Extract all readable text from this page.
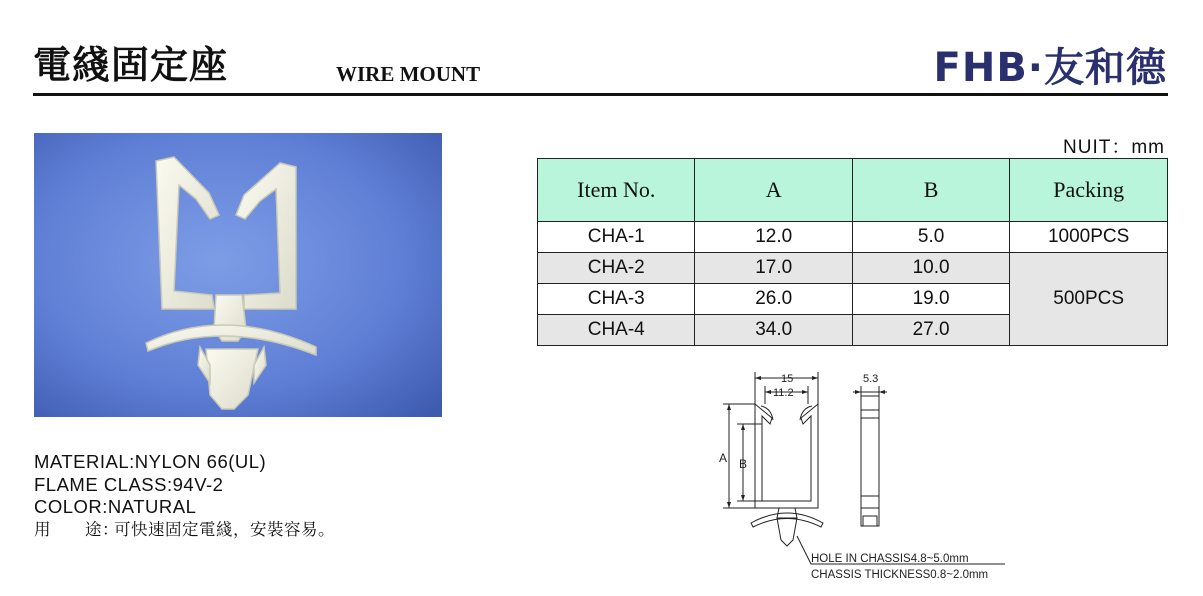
電綫固定座	WIRE MOUNT	FHB·友和德
NUIT：mm
Item No.	A	B	Packing
CHA-1	12.0	5.0	1000PCS
CHA-2	17.0	10.0	500PCS
CHA-3	26.0	19.0	
CHA-4	34.0	27.0	
MATERIAL:NYLON 66(UL)
FLAME CLASS:94V-2
COLOR:NATURAL
用　　途：可快速固定電綫，安裝容易。
15
11.2
5.3
A B
HOLE IN CHASSIS4.8~5.0mm
CHASSIS THICKNESS0.8~2.0mm
